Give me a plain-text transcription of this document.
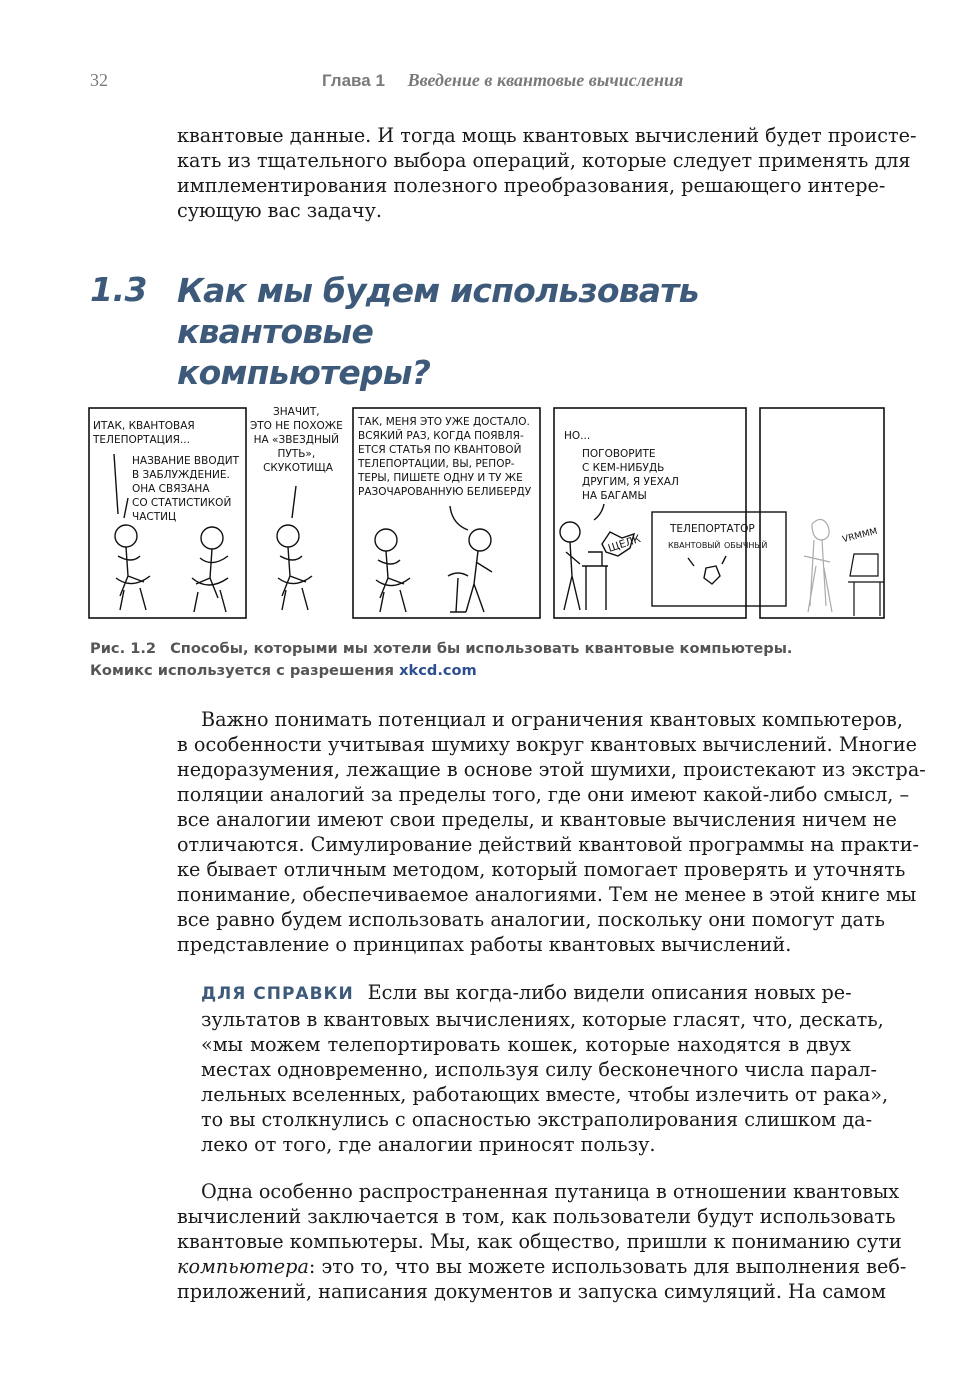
32	Глава 1 Введение в квантовые вычисления
квантовые данные. И тогда мощь квантовых вычислений будет происте-
кать из тщательного выбора операций, которые следует применять для
имплементирования полезного преобразования, решающего интере-
сующую вас задачу.
1.3 Как мы будем использовать квантовые
компьютеры?
ИТАК, КВАНТОВАЯ ТЕЛЕПОРТАЦИЯ...
НАЗВАНИЕ ВВОДИТ В ЗАБЛУЖДЕНИЕ. ОНА СВЯЗАНА СО СТАТИСТИКОЙ ЧАСТИЦ
ЗНАЧИТ, ЭТО НЕ ПОХОЖЕ НА «ЗВЕЗДНЫЙ ПУТЬ», СКУКОТИЩА
ТАК, МЕНЯ ЭТО УЖЕ ДОСТАЛО. ВСЯКИЙ РАЗ, КОГДА ПОЯВЛЯ- ЕТСЯ СТАТЬЯ ПО КВАНТОВОЙ ТЕЛЕПОРТАЦИИ, ВЫ, РЕПОР- ТЕРЫ, ПИШЕТЕ ОДНУ И ТУ ЖЕ РАЗОЧАРОВАННУЮ БЕЛИБЕРДУ
НО...
ПОГОВОРИТЕ С КЕМ-НИБУДЬ ДРУГИМ, Я УЕХАЛ НА БАГАМЫ
ЩЕЛК
ТЕЛЕПОРТАТОР
КВАНТОВЫЙ ОБЫЧНЫЙ
VRMMM
Рис. 1.2 Способы, которыми мы хотели бы использовать квантовые компьютеры.
Комикс используется с разрешения xkcd.com
Важно понимать потенциал и ограничения квантовых компьютеров,
в особенности учитывая шумиху вокруг квантовых вычислений. Многие
недоразумения, лежащие в основе этой шумихи, проистекают из экстра-
поляции аналогий за пределы того, где они имеют какой-либо смысл, –
все аналогии имеют свои пределы, и квантовые вычисления ничем не
отличаются. Симулирование действий квантовой программы на практи-
ке бывает отличным методом, который помогает проверять и уточнять
понимание, обеспечиваемое аналогиями. Тем не менее в этой книге мы
все равно будем использовать аналогии, поскольку они помогут дать
представление о принципах работы квантовых вычислений.
ДЛЯ СПРАВКИ Если вы когда-либо видели описания новых ре-
зультатов в квантовых вычислениях, которые гласят, что, дескать,
«мы можем телепортировать кошек, которые находятся в двух
местах одновременно, используя силу бесконечного числа парал-
лельных вселенных, работающих вместе, чтобы излечить от рака»,
то вы столкнулись с опасностью экстраполирования слишком да-
леко от того, где аналогии приносят пользу.
Одна особенно распространенная путаница в отношении квантовых
вычислений заключается в том, как пользователи будут использовать
квантовые компьютеры. Мы, как общество, пришли к пониманию сути
компьютера: это то, что вы можете использовать для выполнения веб-
приложений, написания документов и запуска симуляций. На самом
